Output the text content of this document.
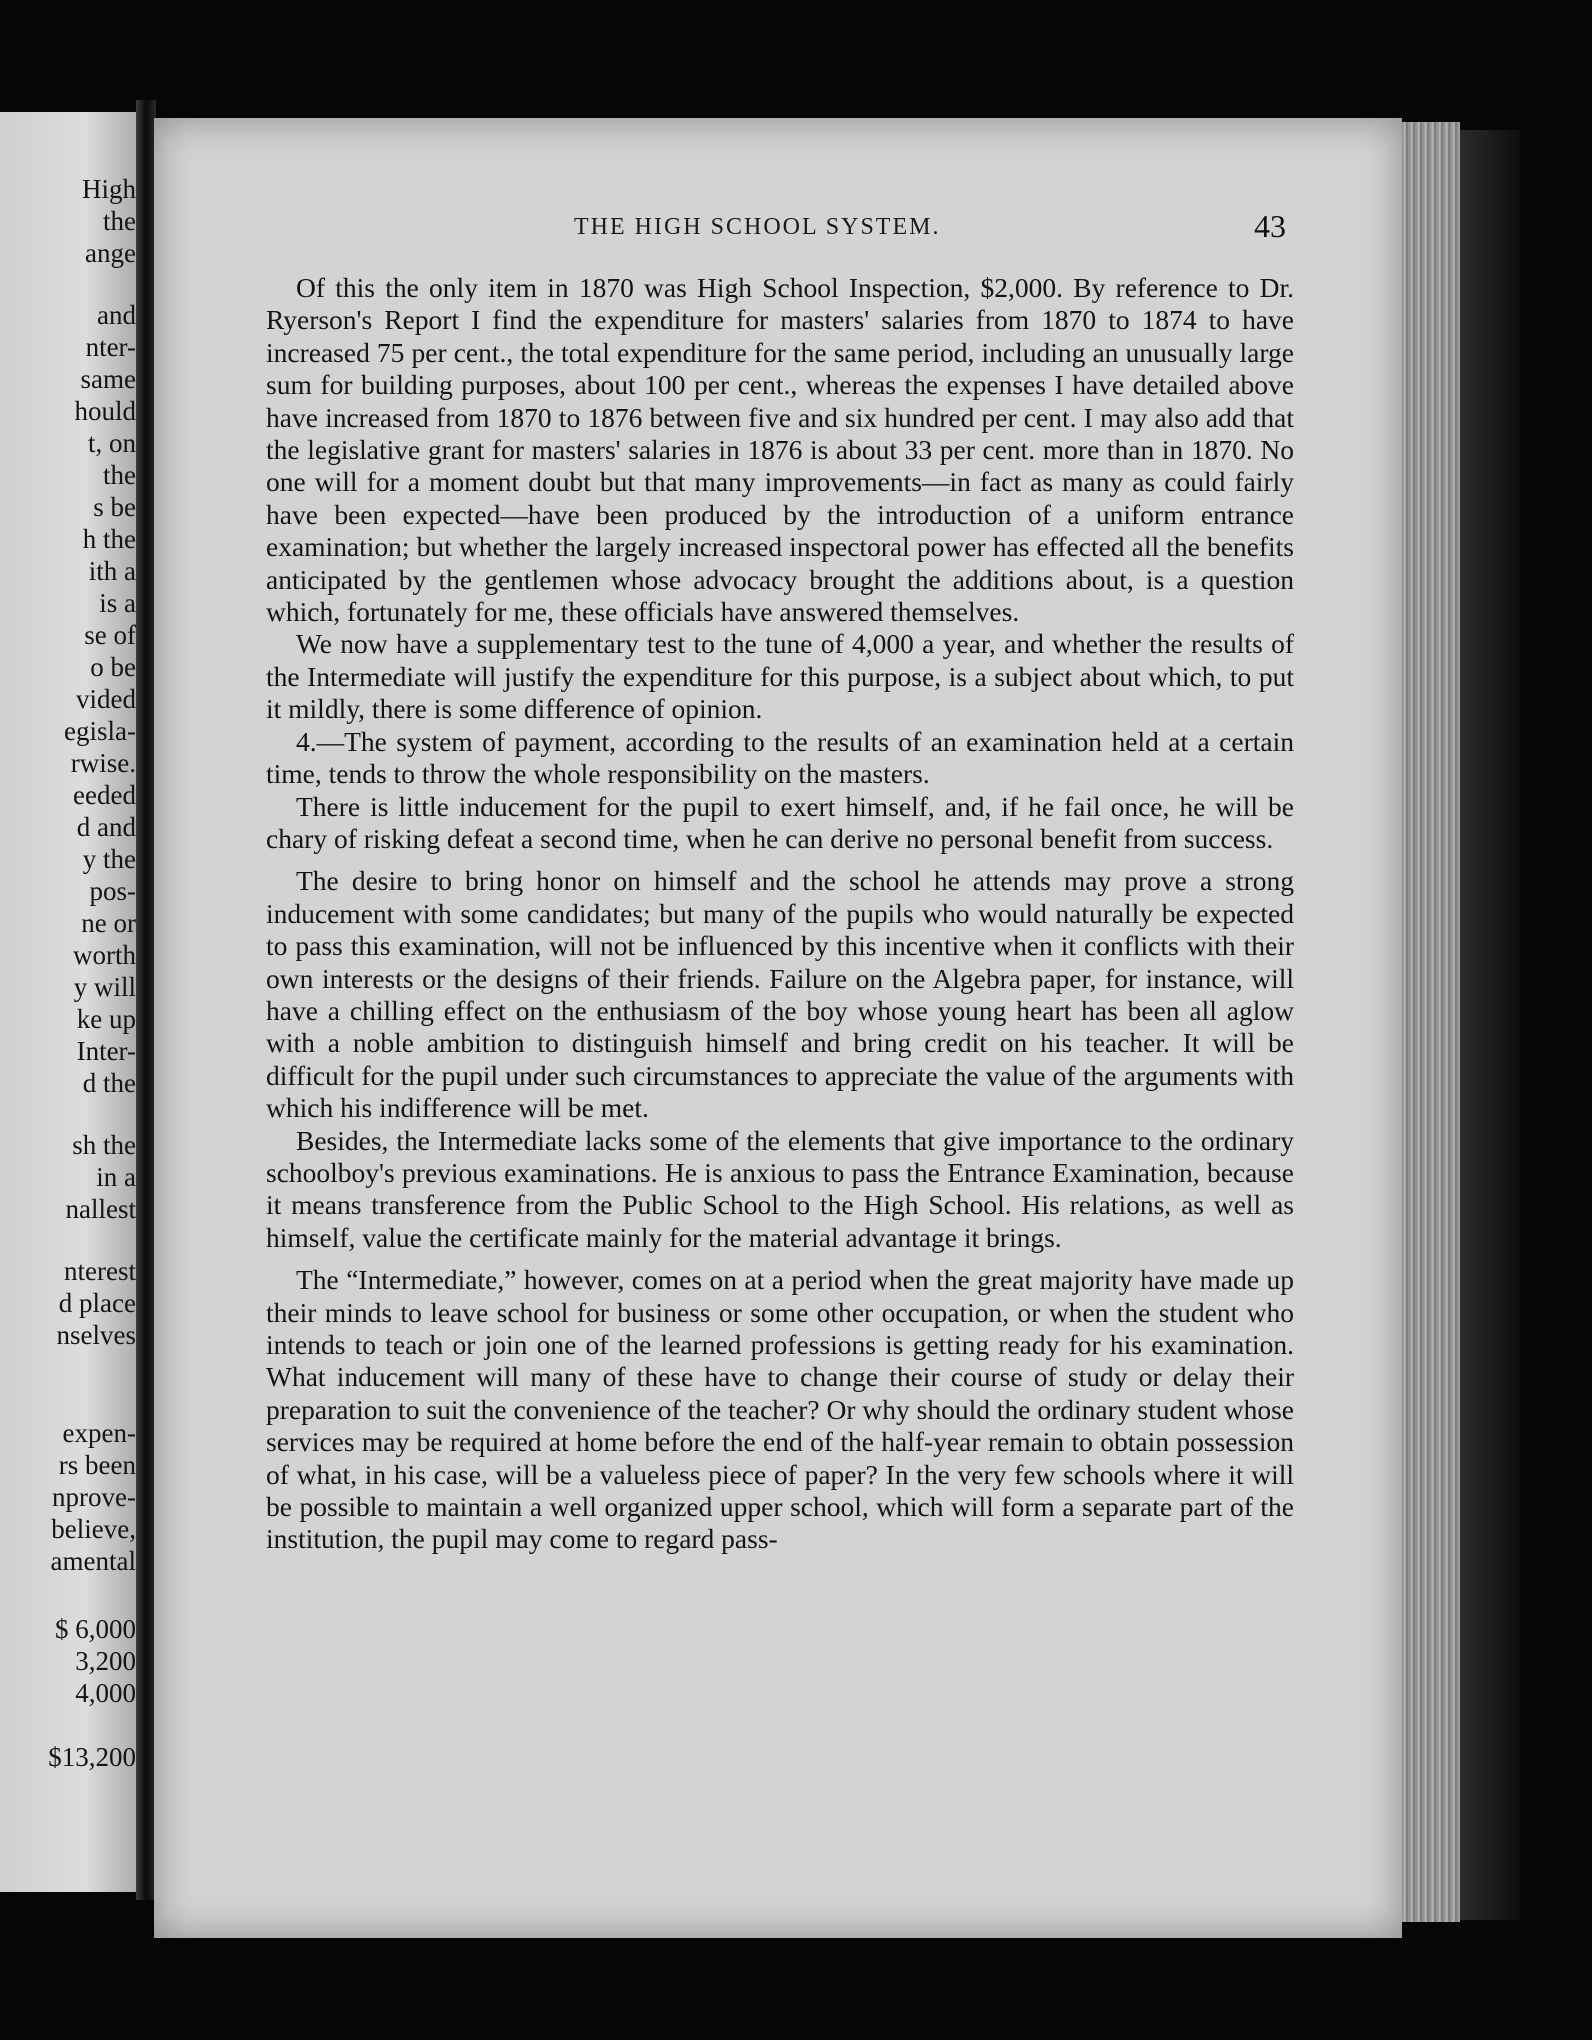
High
the
ange
and
nter-
same
hould
t, on
the
s be
h the
ith a
is a
se of
o be
vided
egisla-
rwise.
eeded
d and
y the
pos-
ne or
worth
y will
ke up
Inter-
d the
sh the
in a
nallest
nterest
d place
nselves
expen-
rs been
nprove-
believe,
amental
$ 6,000
3,200
4,000
$13,200
THE HIGH SCHOOL SYSTEM.	43

Of this the only item in 1870 was High School Inspection, $2,000. By reference to Dr. Ryerson's Report I find the expenditure for masters' salaries from 1870 to 1874 to have increased 75 per cent., the total expenditure for the same period, including an unusually large sum for building purposes, about 100 per cent., whereas the expenses I have detailed above have increased from 1870 to 1876 between five and six hundred per cent. I may also add that the legislative grant for masters' salaries in 1876 is about 33 per cent. more than in 1870. No one will for a moment doubt but that many improvements—in fact as many as could fairly have been expected—have been produced by the introduction of a uniform entrance examination; but whether the largely increased inspectoral power has effected all the benefits anticipated by the gentlemen whose advocacy brought the additions about, is a question which, fortunately for me, these officials have answered themselves.

We now have a supplementary test to the tune of 4,000 a year, and whether the results of the Intermediate will justify the expenditure for this purpose, is a subject about which, to put it mildly, there is some difference of opinion.

4.—The system of payment, according to the results of an examination held at a certain time, tends to throw the whole responsibility on the masters.

There is little inducement for the pupil to exert himself, and, if he fail once, he will be chary of risking defeat a second time, when he can derive no personal benefit from success.

The desire to bring honor on himself and the school he attends may prove a strong inducement with some candidates; but many of the pupils who would naturally be expected to pass this examination, will not be influenced by this incentive when it conflicts with their own interests or the designs of their friends. Failure on the Algebra paper, for instance, will have a chilling effect on the enthusiasm of the boy whose young heart has been all aglow with a noble ambition to distinguish himself and bring credit on his teacher. It will be difficult for the pupil under such circumstances to appreciate the value of the arguments with which his indifference will be met.

Besides, the Intermediate lacks some of the elements that give importance to the ordinary schoolboy's previous examinations. He is anxious to pass the Entrance Examination, because it means transference from the Public School to the High School. His relations, as well as himself, value the certificate mainly for the material advantage it brings.

The “Intermediate,” however, comes on at a period when the great majority have made up their minds to leave school for business or some other occupation, or when the student who intends to teach or join one of the learned professions is getting ready for his examination. What inducement will many of these have to change their course of study or delay their preparation to suit the convenience of the teacher? Or why should the ordinary student whose services may be required at home before the end of the half-year remain to obtain possession of what, in his case, will be a valueless piece of paper? In the very few schools where it will be possible to maintain a well organized upper school, which will form a separate part of the institution, the pupil may come to regard pass-
